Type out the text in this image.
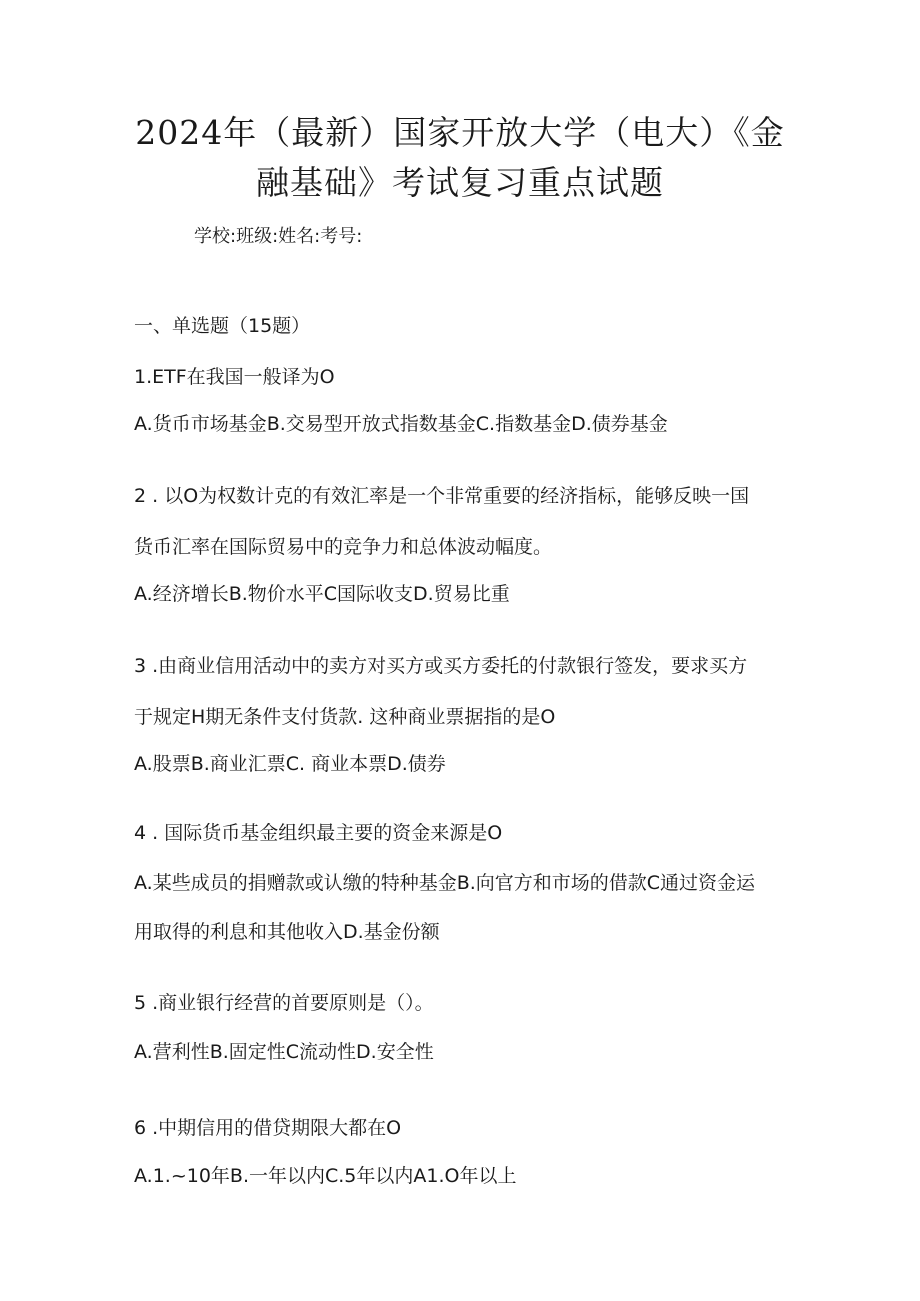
2024年（最新）国家开放大学（电大）《金
融基础》考试复习重点试题
学校:班级:姓名:考号:
一、单选题（15题）
1.ETF在我国一般译为O
A.货币市场基金B.交易型开放式指数基金C.指数基金D.债券基金
2 . 以O为权数计克的有效汇率是一个非常重要的经济指标，能够反映一国
货币汇率在国际贸易中的竞争力和总体波动幅度。
A.经济增长B.物价水平C国际收支D.贸易比重
3 .由商业信用活动中的卖方对买方或买方委托的付款银行签发，要求买方
于规定H期无条件支付货款. 这种商业票据指的是O
A.股票B.商业汇票C. 商业本票D.债券
4 . 国际货币基金组织最主要的资金来源是O
A.某些成员的捐赠款或认缴的特种基金B.向官方和市场的借款C通过资金运
用取得的利息和其他收入D.基金份额
5 .商业银行经营的首要原则是（）。
A.营利性B.固定性C流动性D.安全性
6 .中期信用的借贷期限大都在O
A.1.~10年B.一年以内C.5年以内A1.O年以上
